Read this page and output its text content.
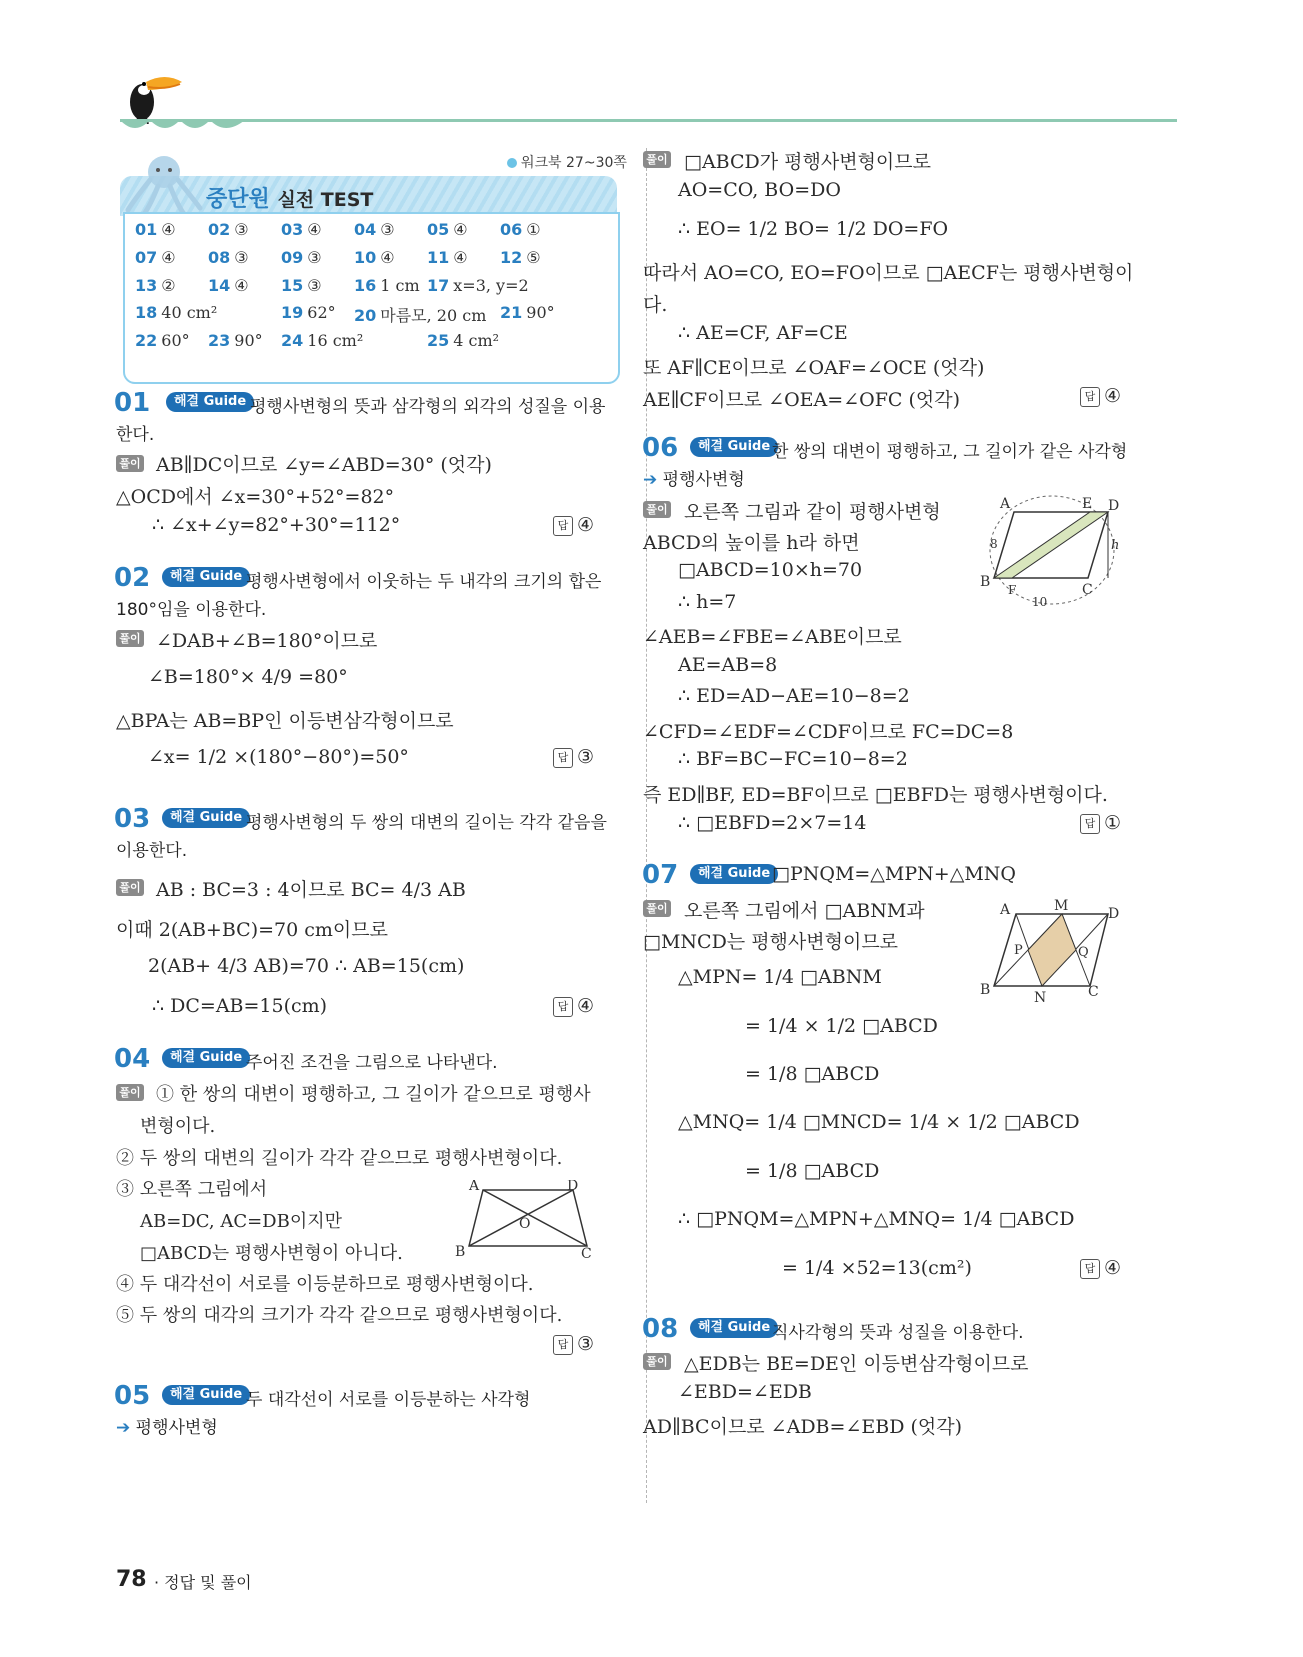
워크북 27~30쪽
중단원 실전 TEST
01 ④ 02 ③ 03 ④ 04 ③ 05 ④ 06 ①
07 ④ 08 ③ 09 ③ 10 ④ 11 ④ 12 ⑤
13 ② 14 ④ 15 ③ 16 1 cm 17 x=3, y=2
18 40 cm²	19 62° 20 마름모, 20 cm 21 90°
22 60° 23 90° 24 16 cm²	25 4 cm²
01	해결 Guide 평행사변형의 뜻과 삼각형의 외각의 성질을 이용
한다.
풀이 AB∥DC이므로 ∠y=∠ABD=30° (엇각)
△OCD에서 ∠x=30°+52°=82°
∴ ∠x+∠y=82°+30°=112°	답 ④
02	해결 Guide 평행사변형에서 이웃하는 두 내각의 크기의 합은
180°임을 이용한다.
풀이 ∠DAB+∠B=180°이므로
∠B=180°× 4/9 =80°
△BPA는 AB=BP인 이등변삼각형이므로
∠x= 1/2 ×(180°−80°)=50°	답 ③
03	해결 Guide 평행사변형의 두 쌍의 대변의 길이는 각각 같음을
이용한다.
풀이 AB : BC=3 : 4이므로 BC= 4/3 AB
이때 2(AB+BC)=70 cm이므로
2(AB+ 4/3 AB)=70 ∴ AB=15(cm)
∴ DC=AB=15(cm)	답 ④
04	해결 Guide 주어진 조건을 그림으로 나타낸다.
풀이 ① 한 쌍의 대변이 평행하고, 그 길이가 같으므로 평행사
변형이다.
② 두 쌍의 대변의 길이가 각각 같으므로 평행사변형이다.
③ 오른쪽 그림에서
AB=DC, AC=DB이지만
□ABCD는 평행사변형이 아니다.
A	D
B	C
O
④ 두 대각선이 서로를 이등분하므로 평행사변형이다.
⑤ 두 쌍의 대각의 크기가 각각 같으므로 평행사변형이다.
답 ③
05	해결 Guide 두 대각선이 서로를 이등분하는 사각형
➔ 평행사변형
풀이 □ABCD가 평행사변형이므로
AO=CO, BO=DO
∴ EO= 1/2 BO= 1/2 DO=FO
따라서 AO=CO, EO=FO이므로 □AECF는 평행사변형이
다.
∴ AE=CF, AF=CE
또 AF∥CE이므로 ∠OAF=∠OCE (엇각)
AE∥CF이므로 ∠OEA=∠OFC (엇각)	답 ④
06	해결 Guide 한 쌍의 대변이 평행하고, 그 길이가 같은 사각형
➔ 평행사변형
풀이 오른쪽 그림과 같이 평행사변형
ABCD의 높이를 h라 하면
□ABCD=10×h=70
∴ h=7
A	E D
B F	C
h
8
10
∠AEB=∠FBE=∠ABE이므로
AE=AB=8
∴ ED=AD−AE=10−8=2
∠CFD=∠EDF=∠CDF이므로 FC=DC=8
∴ BF=BC−FC=10−8=2
즉 ED∥BF, ED=BF이므로 □EBFD는 평행사변형이다.
∴ □EBFD=2×7=14	답 ①
07	해결 Guide □PNQM=△MPN+△MNQ
풀이 오른쪽 그림에서 □ABNM과
□MNCD는 평행사변형이므로
A	M	D
P	Q
B	N	C
△MPN= 1/4 □ABNM
= 1/4 × 1/2 □ABCD
= 1/8 □ABCD
△MNQ= 1/4 □MNCD= 1/4 × 1/2 □ABCD
= 1/8 □ABCD
∴ □PNQM=△MPN+△MNQ= 1/4 □ABCD
= 1/4 ×52=13(cm²)	답 ④
08	해결 Guide 직사각형의 뜻과 성질을 이용한다.
풀이 △EDB는 BE=DE인 이등변삼각형이므로
∠EBD=∠EDB
AD∥BC이므로 ∠ADB=∠EBD (엇각)
78 · 정답 및 풀이
